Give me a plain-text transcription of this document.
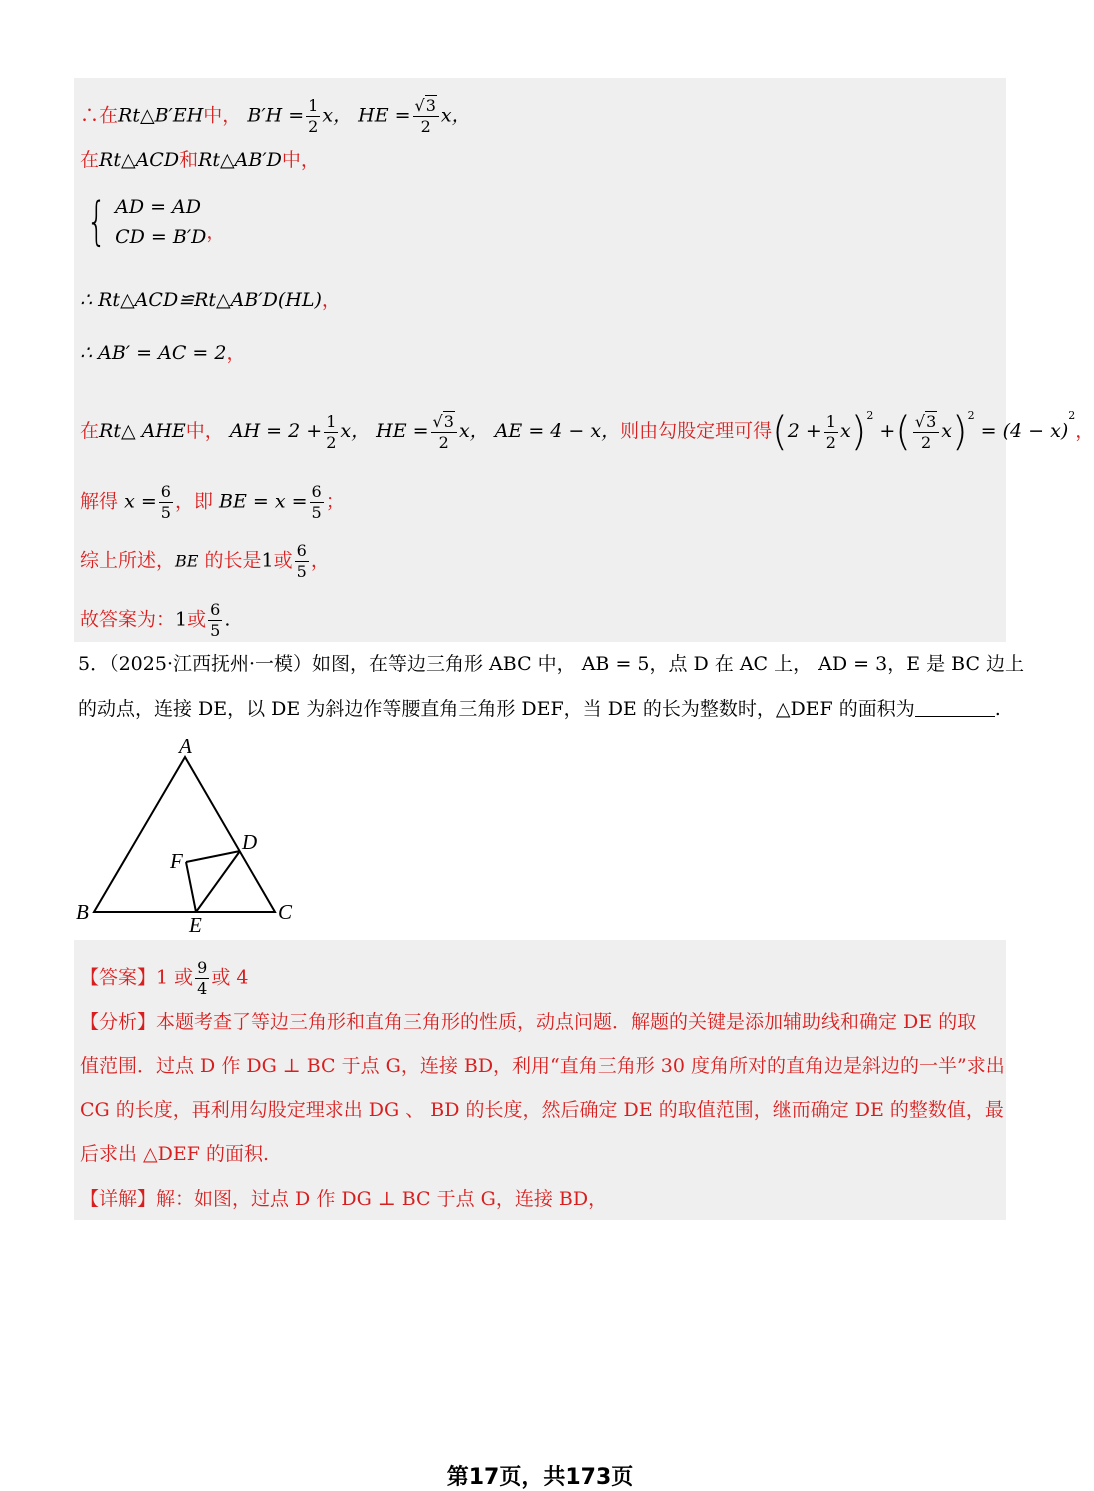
∴在Rt△B′EH中， $B'H = \frac{1}{2}$ x， HE = $\frac{√3}{2}$ x，
在Rt△ACD和Rt△AB′D中，
{ AD = AD
CD = B′D ，
∴ Rt△ACD≌Rt△AB′D(HL)，
∴ AB′ = AC = 2，
在Rt△ AHE中， AH = $2 + \frac{1}{2}$ x， HE = $\frac{√3}{2}$ x， AE = 4 − x，则由勾股定理可得$(2 + \frac{1}{2} x)^2$ +( $\frac{√3}{2} x)^2 = (4 - x)^2$，
解得 $x = \frac{6}{5}$ ，即 BE = $x = \frac{6}{5}$ ；
综上所述，BE 的长是1或 $\frac{6}{5}$ ，
故答案为：1或 $\frac{6}{5}$ .
5．（2025·江西抚州·一模）如图，在等边三角形 ABC 中， AB = 5，点 D 在 AC 上， AD = 3，E 是 BC 边上
的动点，连接 DE，以 DE 为斜边作等腰直角三角形 DEF，当 DE 的长为整数时，△DEF 的面积为	.
A
B	C
D
E
F
【答案】1 或 $\frac{9}{4}$ 或 4
【分析】本题考查了等边三角形和直角三角形的性质，动点问题．解题的关键是添加辅助线和确定 DE 的取
值范围．过点 D 作 DG ⊥ BC 于点 G，连接 BD，利用“直角三角形 30 度角所对的直角边是斜边的一半”求出
CG 的长度，再利用勾股定理求出 DG 、 BD 的长度，然后确定 DE 的取值范围，继而确定 DE 的整数值，最
后求出 △DEF 的面积.
【详解】解：如图，过点 D 作 DG ⊥ BC 于点 G，连接 BD，
第17页，共173页
